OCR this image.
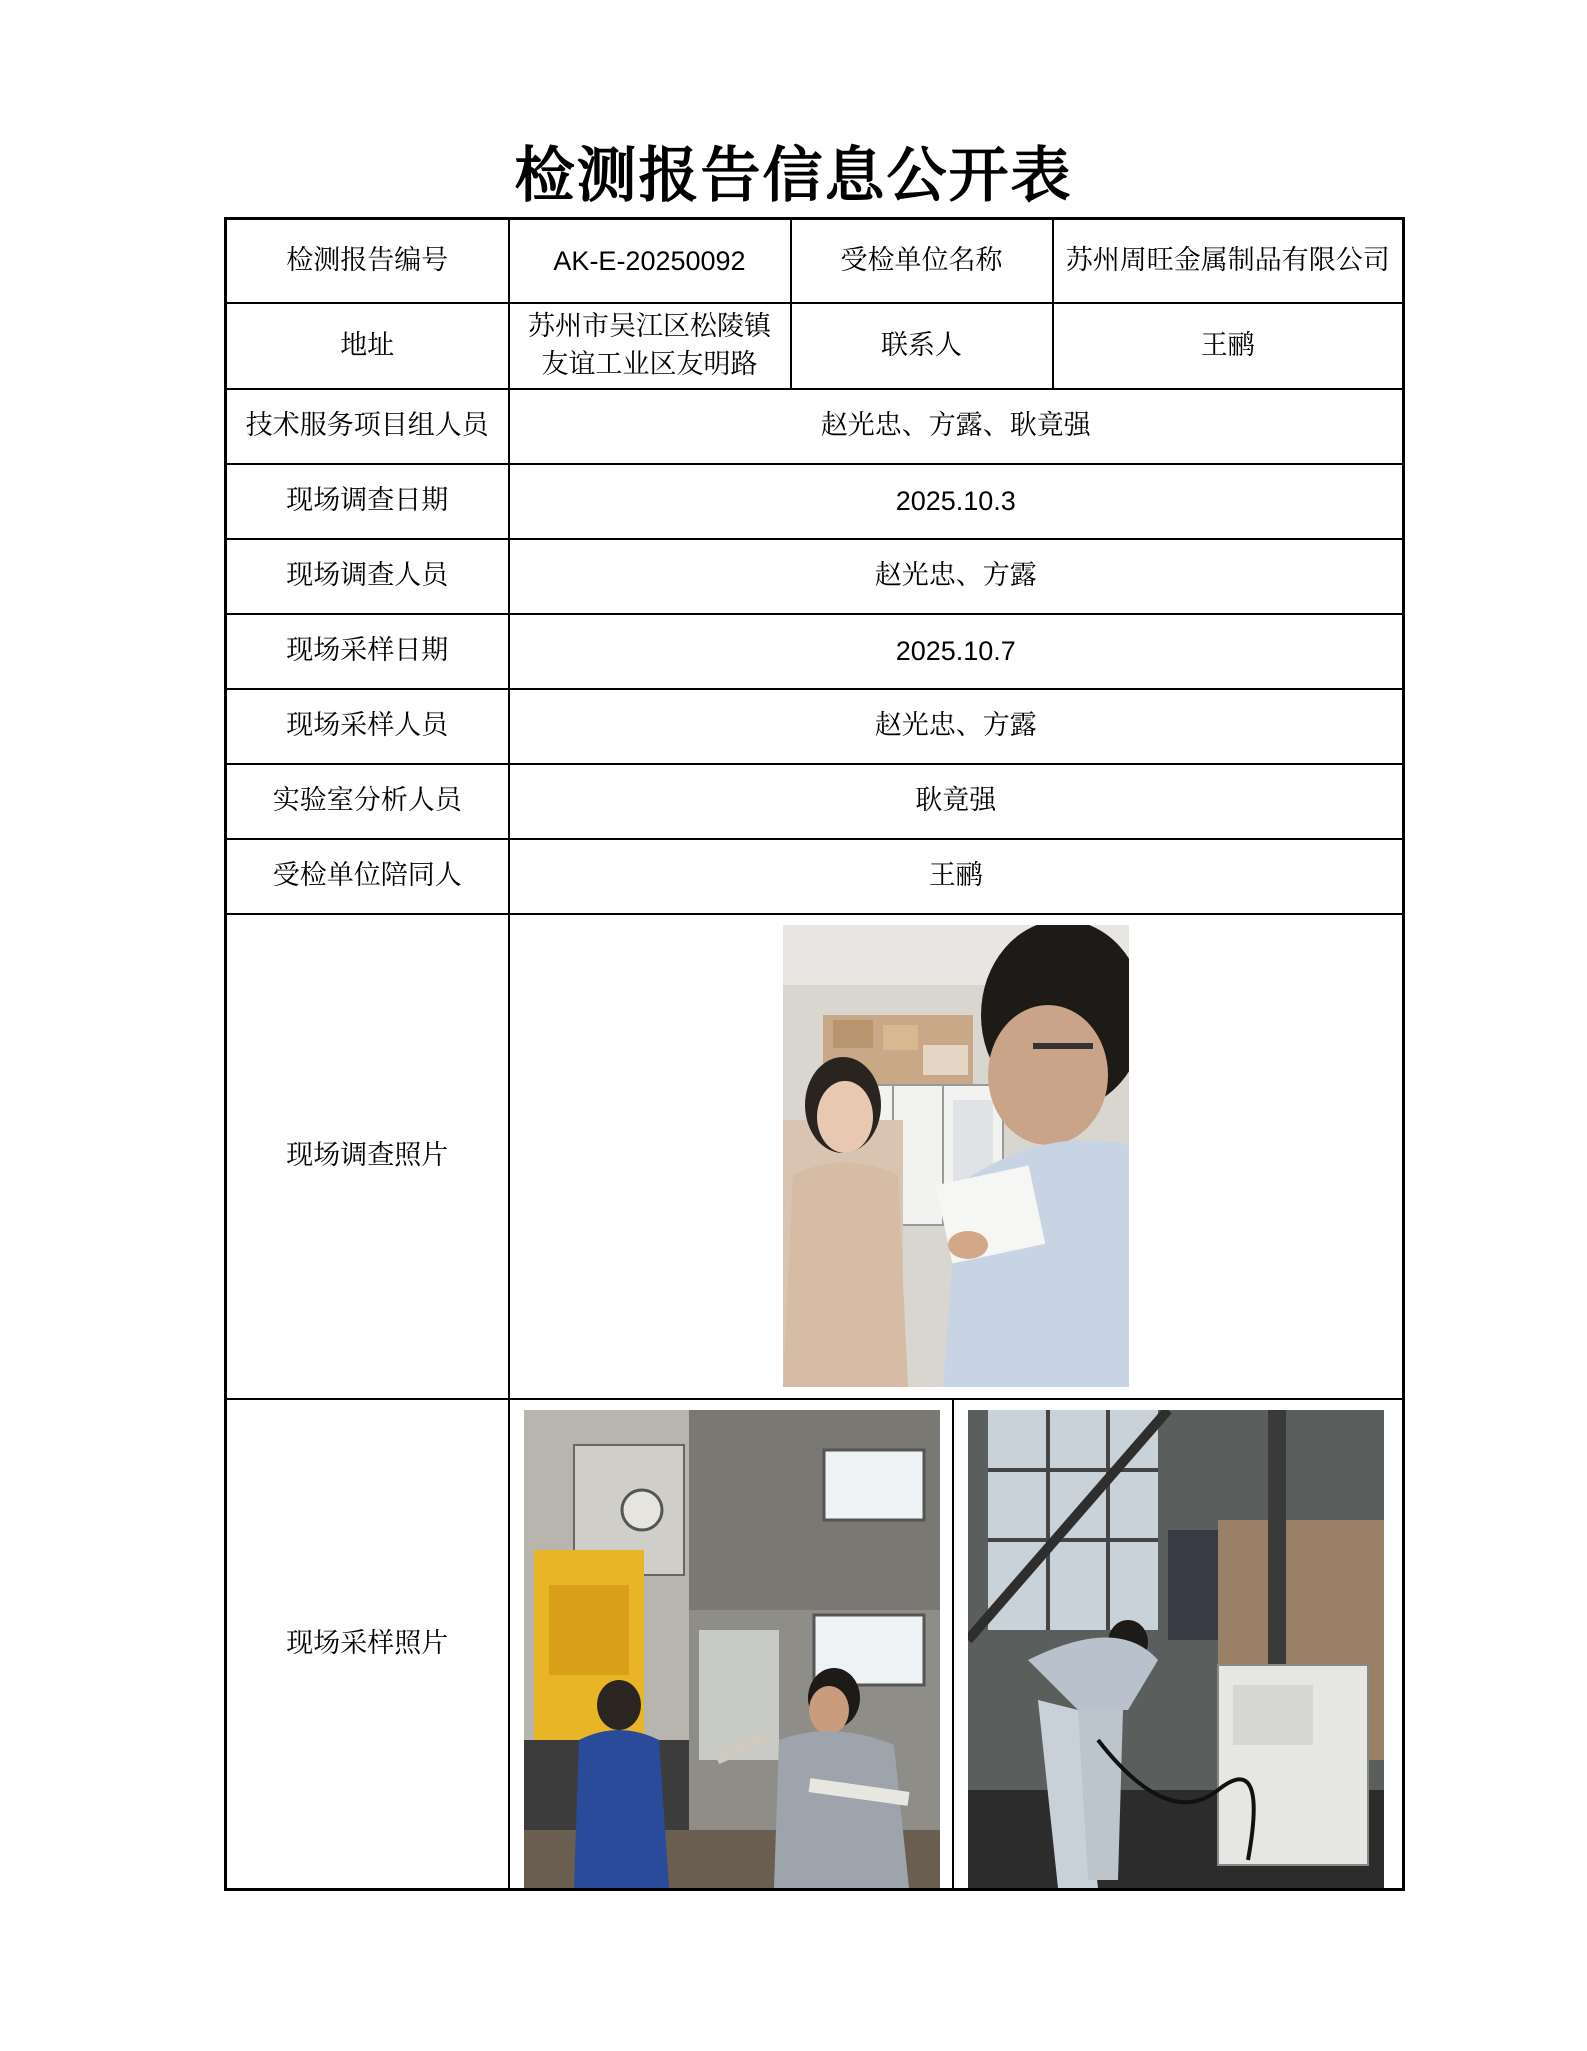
检测报告信息公开表
检测报告编号	AK-E-20250092	受检单位名称	苏州周旺金属制品有限公司
地址	苏州市吴江区松陵镇友谊工业区友明路	联系人	王鹂
技术服务项目组人员	赵光忠、方露、耿竟强		
现场调查日期	2025.10.3		
现场调查人员	赵光忠、方露		
现场采样日期	2025.10.7		
现场采样人员	赵光忠、方露		
实验室分析人员	耿竟强		
受检单位陪同人	王鹂		
现场调查照片	

现场采样照片	
